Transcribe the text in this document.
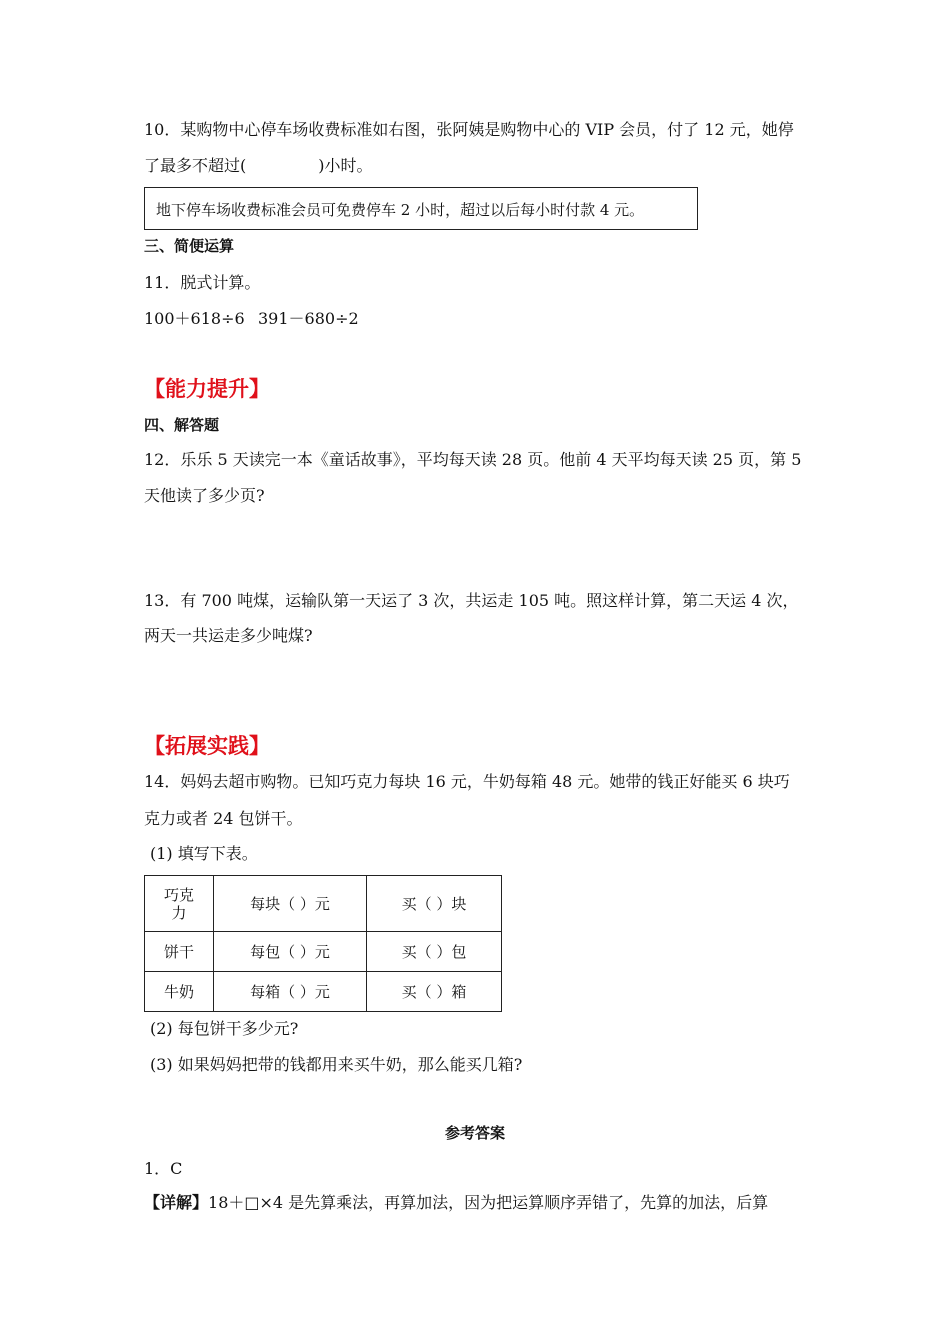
10．某购物中心停车场收费标准如右图，张阿姨是购物中心的 VIP 会员，付了 12 元，她停
了最多不超过(	)小时。
地下停车场收费标准会员可免费停车 2 小时，超过以后每小时付款 4 元。
三、简便运算
11．脱式计算。
100＋618÷6 391－680÷2
【能力提升】
四、解答题
12．乐乐 5 天读完一本《童话故事》，平均每天读 28 页。他前 4 天平均每天读 25 页，第 5
天他读了多少页?
13．有 700 吨煤，运输队第一天运了 3 次，共运走 105 吨。照这样计算，第二天运 4 次，
两天一共运走多少吨煤?
【拓展实践】
14．妈妈去超市购物。已知巧克力每块 16 元，牛奶每箱 48 元。她带的钱正好能买 6 块巧
克力或者 24 包饼干。
(1) 填写下表。
巧克
力	每块（ ）元	买（ ）块
饼干	每包（ ）元	买（ ）包
牛奶	每箱（ ）元	买（ ）箱
(2) 每包饼干多少元?
(3) 如果妈妈把带的钱都用来买牛奶，那么能买几箱?
参考答案
1．C
【详解】18＋□×4 是先算乘法，再算加法，因为把运算顺序弄错了，先算的加法，后算
